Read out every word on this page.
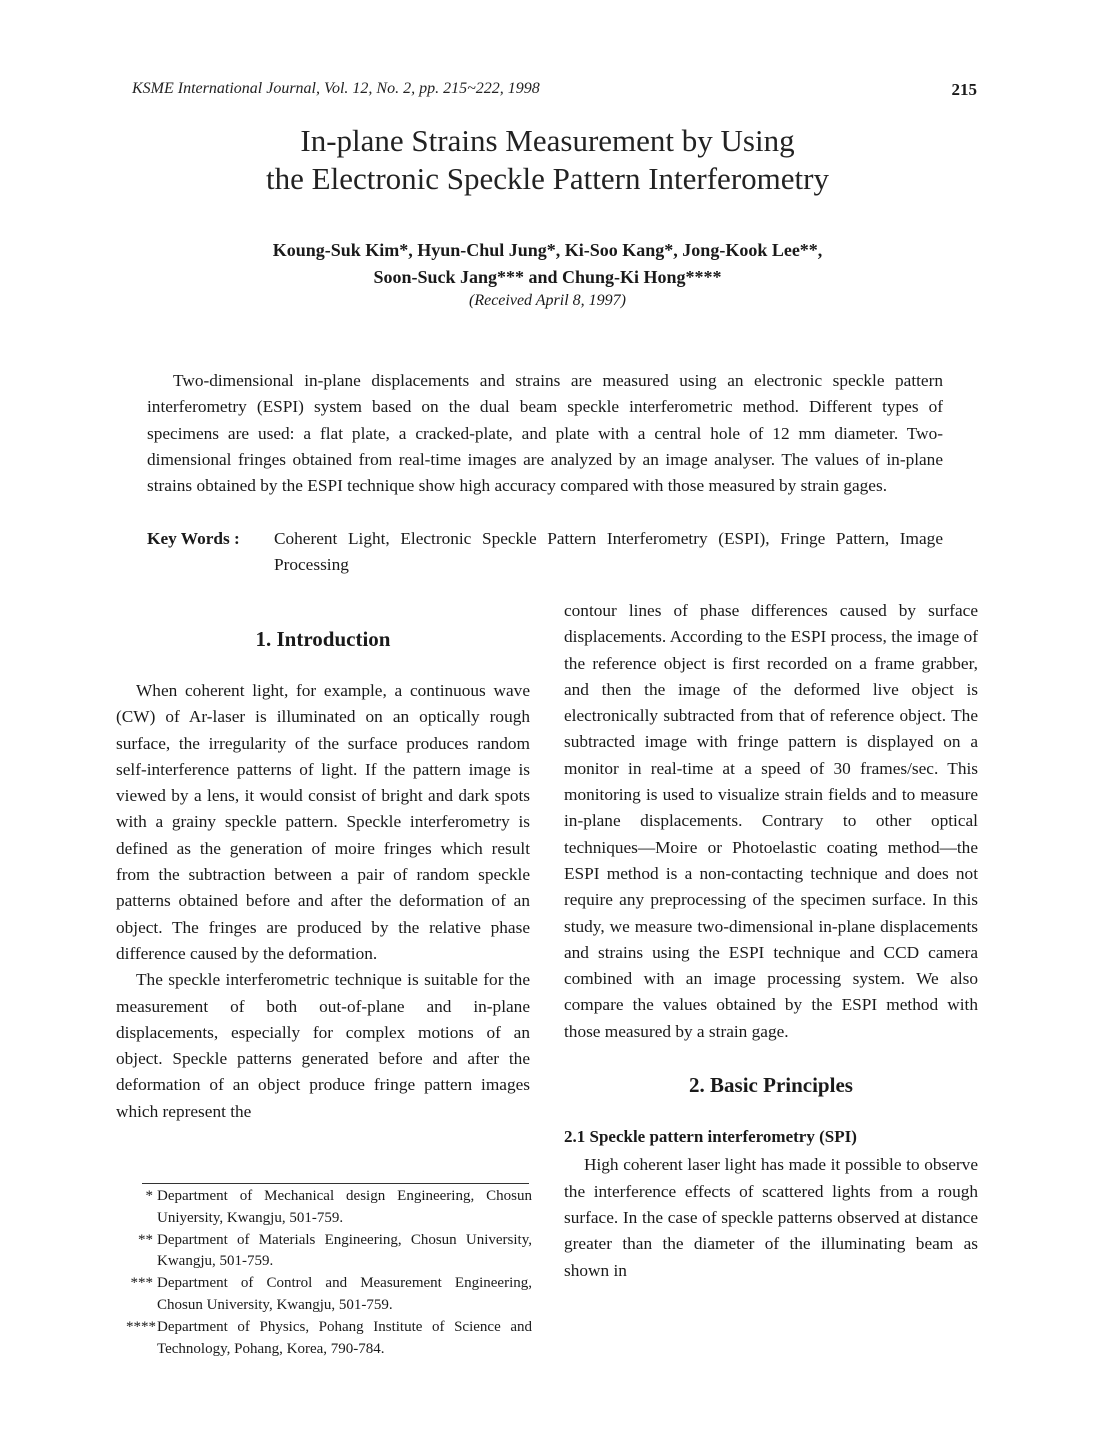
KSME International Journal, Vol. 12, No. 2, pp. 215~222, 1998	215
In-plane Strains Measurement by Using
the Electronic Speckle Pattern Interferometry
Koung-Suk Kim*, Hyun-Chul Jung*, Ki-Soo Kang*, Jong-Kook Lee**,
Soon-Suck Jang*** and Chung-Ki Hong****
(Received April 8, 1997)

Two-dimensional in-plane displacements and strains are measured using an electronic speckle pattern interferometry (ESPI) system based on the dual beam speckle interferometric method. Different types of specimens are used: a flat plate, a cracked-plate, and plate with a central hole of 12 mm diameter. Two-dimensional fringes obtained from real-time images are analyzed by an image analyser. The values of in-plane strains obtained by the ESPI technique show high accuracy compared with those measured by strain gages.

Key Words :	Coherent Light, Electronic Speckle Pattern Interferometry (ESPI), Fringe Pattern, Image Processing
1. Introduction

When coherent light, for example, a continuous wave (CW) of Ar-laser is illuminated on an optically rough surface, the irregularity of the surface produces random self-interference patterns of light. If the pattern image is viewed by a lens, it would consist of bright and dark spots with a grainy speckle pattern. Speckle interferometry is defined as the generation of moire fringes which result from the subtraction between a pair of random speckle patterns obtained before and after the deformation of an object. The fringes are produced by the relative phase difference caused by the deformation.

The speckle interferometric technique is suitable for the measurement of both out-of-plane and in-plane displacements, especially for complex motions of an object. Speckle patterns generated before and after the deformation of an object produce fringe pattern images which represent the

contour lines of phase differences caused by surface displacements. According to the ESPI process, the image of the reference object is first recorded on a frame grabber, and then the image of the deformed live object is electronically subtracted from that of reference object. The subtracted image with fringe pattern is displayed on a monitor in real-time at a speed of 30 frames/sec. This monitoring is used to visualize strain fields and to measure in-plane displacements. Contrary to other optical techniques—Moire or Photoelastic coating method—the ESPI method is a non-contacting technique and does not require any preprocessing of the specimen surface. In this study, we measure two-dimensional in-plane displacements and strains using the ESPI technique and CCD camera combined with an image processing system. We also compare the values obtained by the ESPI method with those measured by a strain gage.

2. Basic Principles

2.1 Speckle pattern interferometry (SPI)

High coherent laser light has made it possible to observe the interference effects of scattered lights from a rough surface. In the case of speckle patterns observed at distance greater than the diameter of the illuminating beam as shown in

* Department of Mechanical design Engineering, Chosun Uniyersity, Kwangju, 501-759.
** Department of Materials Engineering, Chosun University, Kwangju, 501-759.
*** Department of Control and Measurement Engineering, Chosun University, Kwangju, 501-759.
**** Department of Physics, Pohang Institute of Science and Technology, Pohang, Korea, 790-784.
